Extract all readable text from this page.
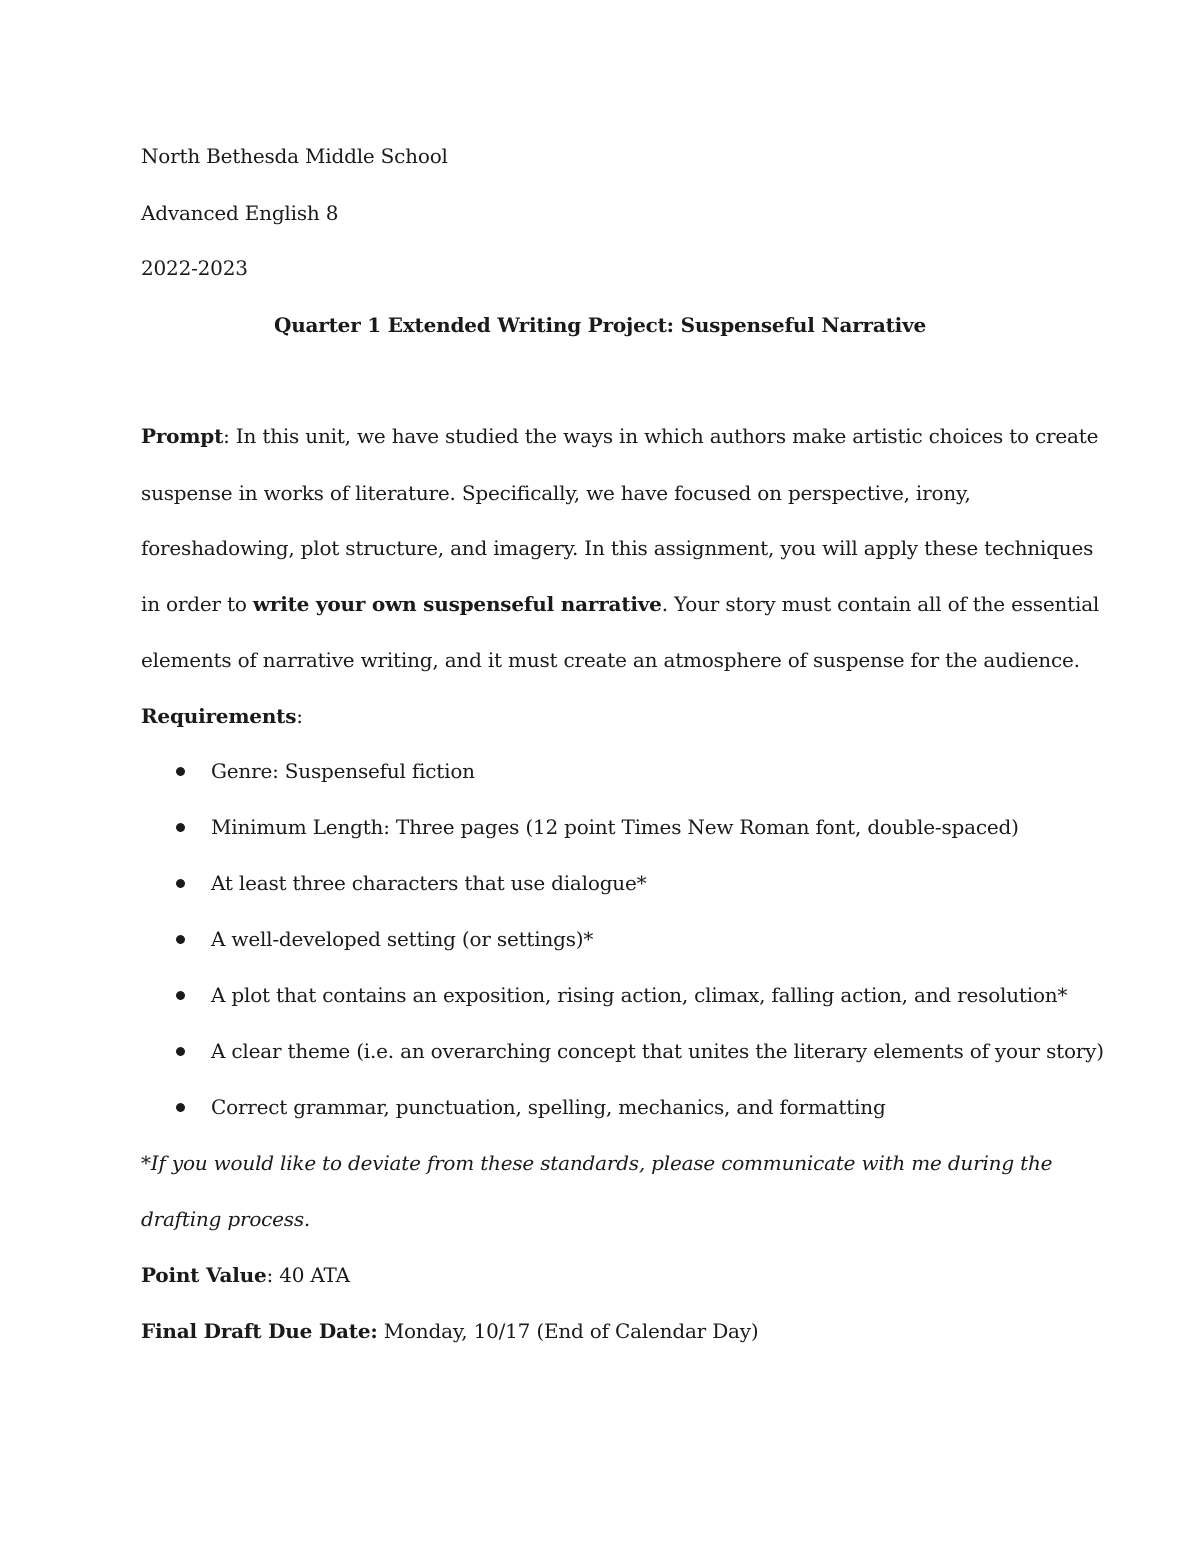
North Bethesda Middle School
Advanced English 8
2022-2023
Quarter 1 Extended Writing Project: Suspenseful Narrative
Prompt: In this unit, we have studied the ways in which authors make artistic choices to create
suspense in works of literature. Specifically, we have focused on perspective, irony,
foreshadowing, plot structure, and imagery. In this assignment, you will apply these techniques
in order to write your own suspenseful narrative. Your story must contain all of the essential
elements of narrative writing, and it must create an atmosphere of suspense for the audience.
Requirements:
Genre: Suspenseful fiction
Minimum Length: Three pages (12 point Times New Roman font, double-spaced)
At least three characters that use dialogue*
A well-developed setting (or settings)*
A plot that contains an exposition, rising action, climax, falling action, and resolution*
A clear theme (i.e. an overarching concept that unites the literary elements of your story)
Correct grammar, punctuation, spelling, mechanics, and formatting
*If you would like to deviate from these standards, please communicate with me during the
drafting process.
Point Value: 40 ATA
Final Draft Due Date: Monday, 10/17 (End of Calendar Day)
